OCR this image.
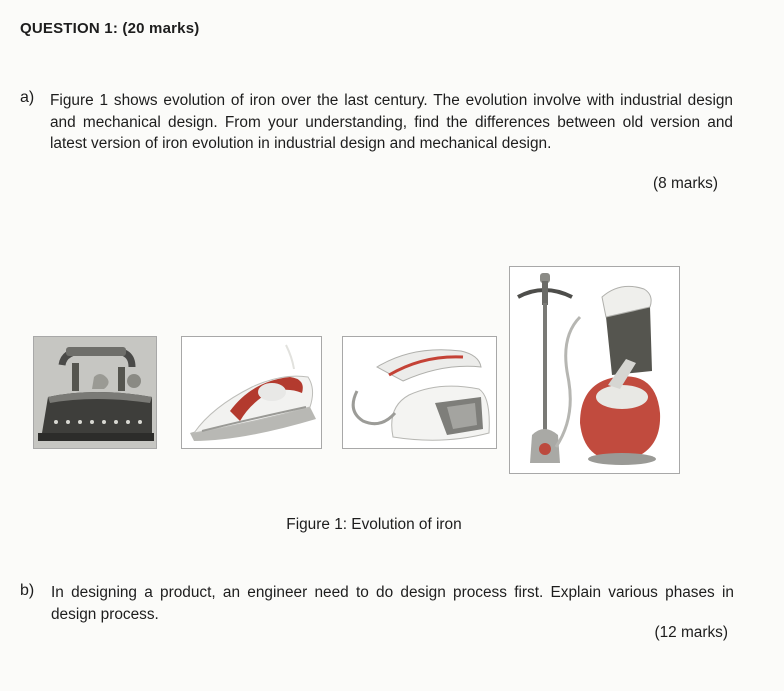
QUESTION 1: (20 marks)
a) Figure 1 shows evolution of iron over the last century. The evolution involve with industrial design and mechanical design. From your understanding, find the differences between old version and latest version of iron evolution in industrial design and mechanical design.
(8 marks)
Figure 1: Evolution of iron
b) In designing a product, an engineer need to do design process first. Explain various phases in design process.
(12 marks)
